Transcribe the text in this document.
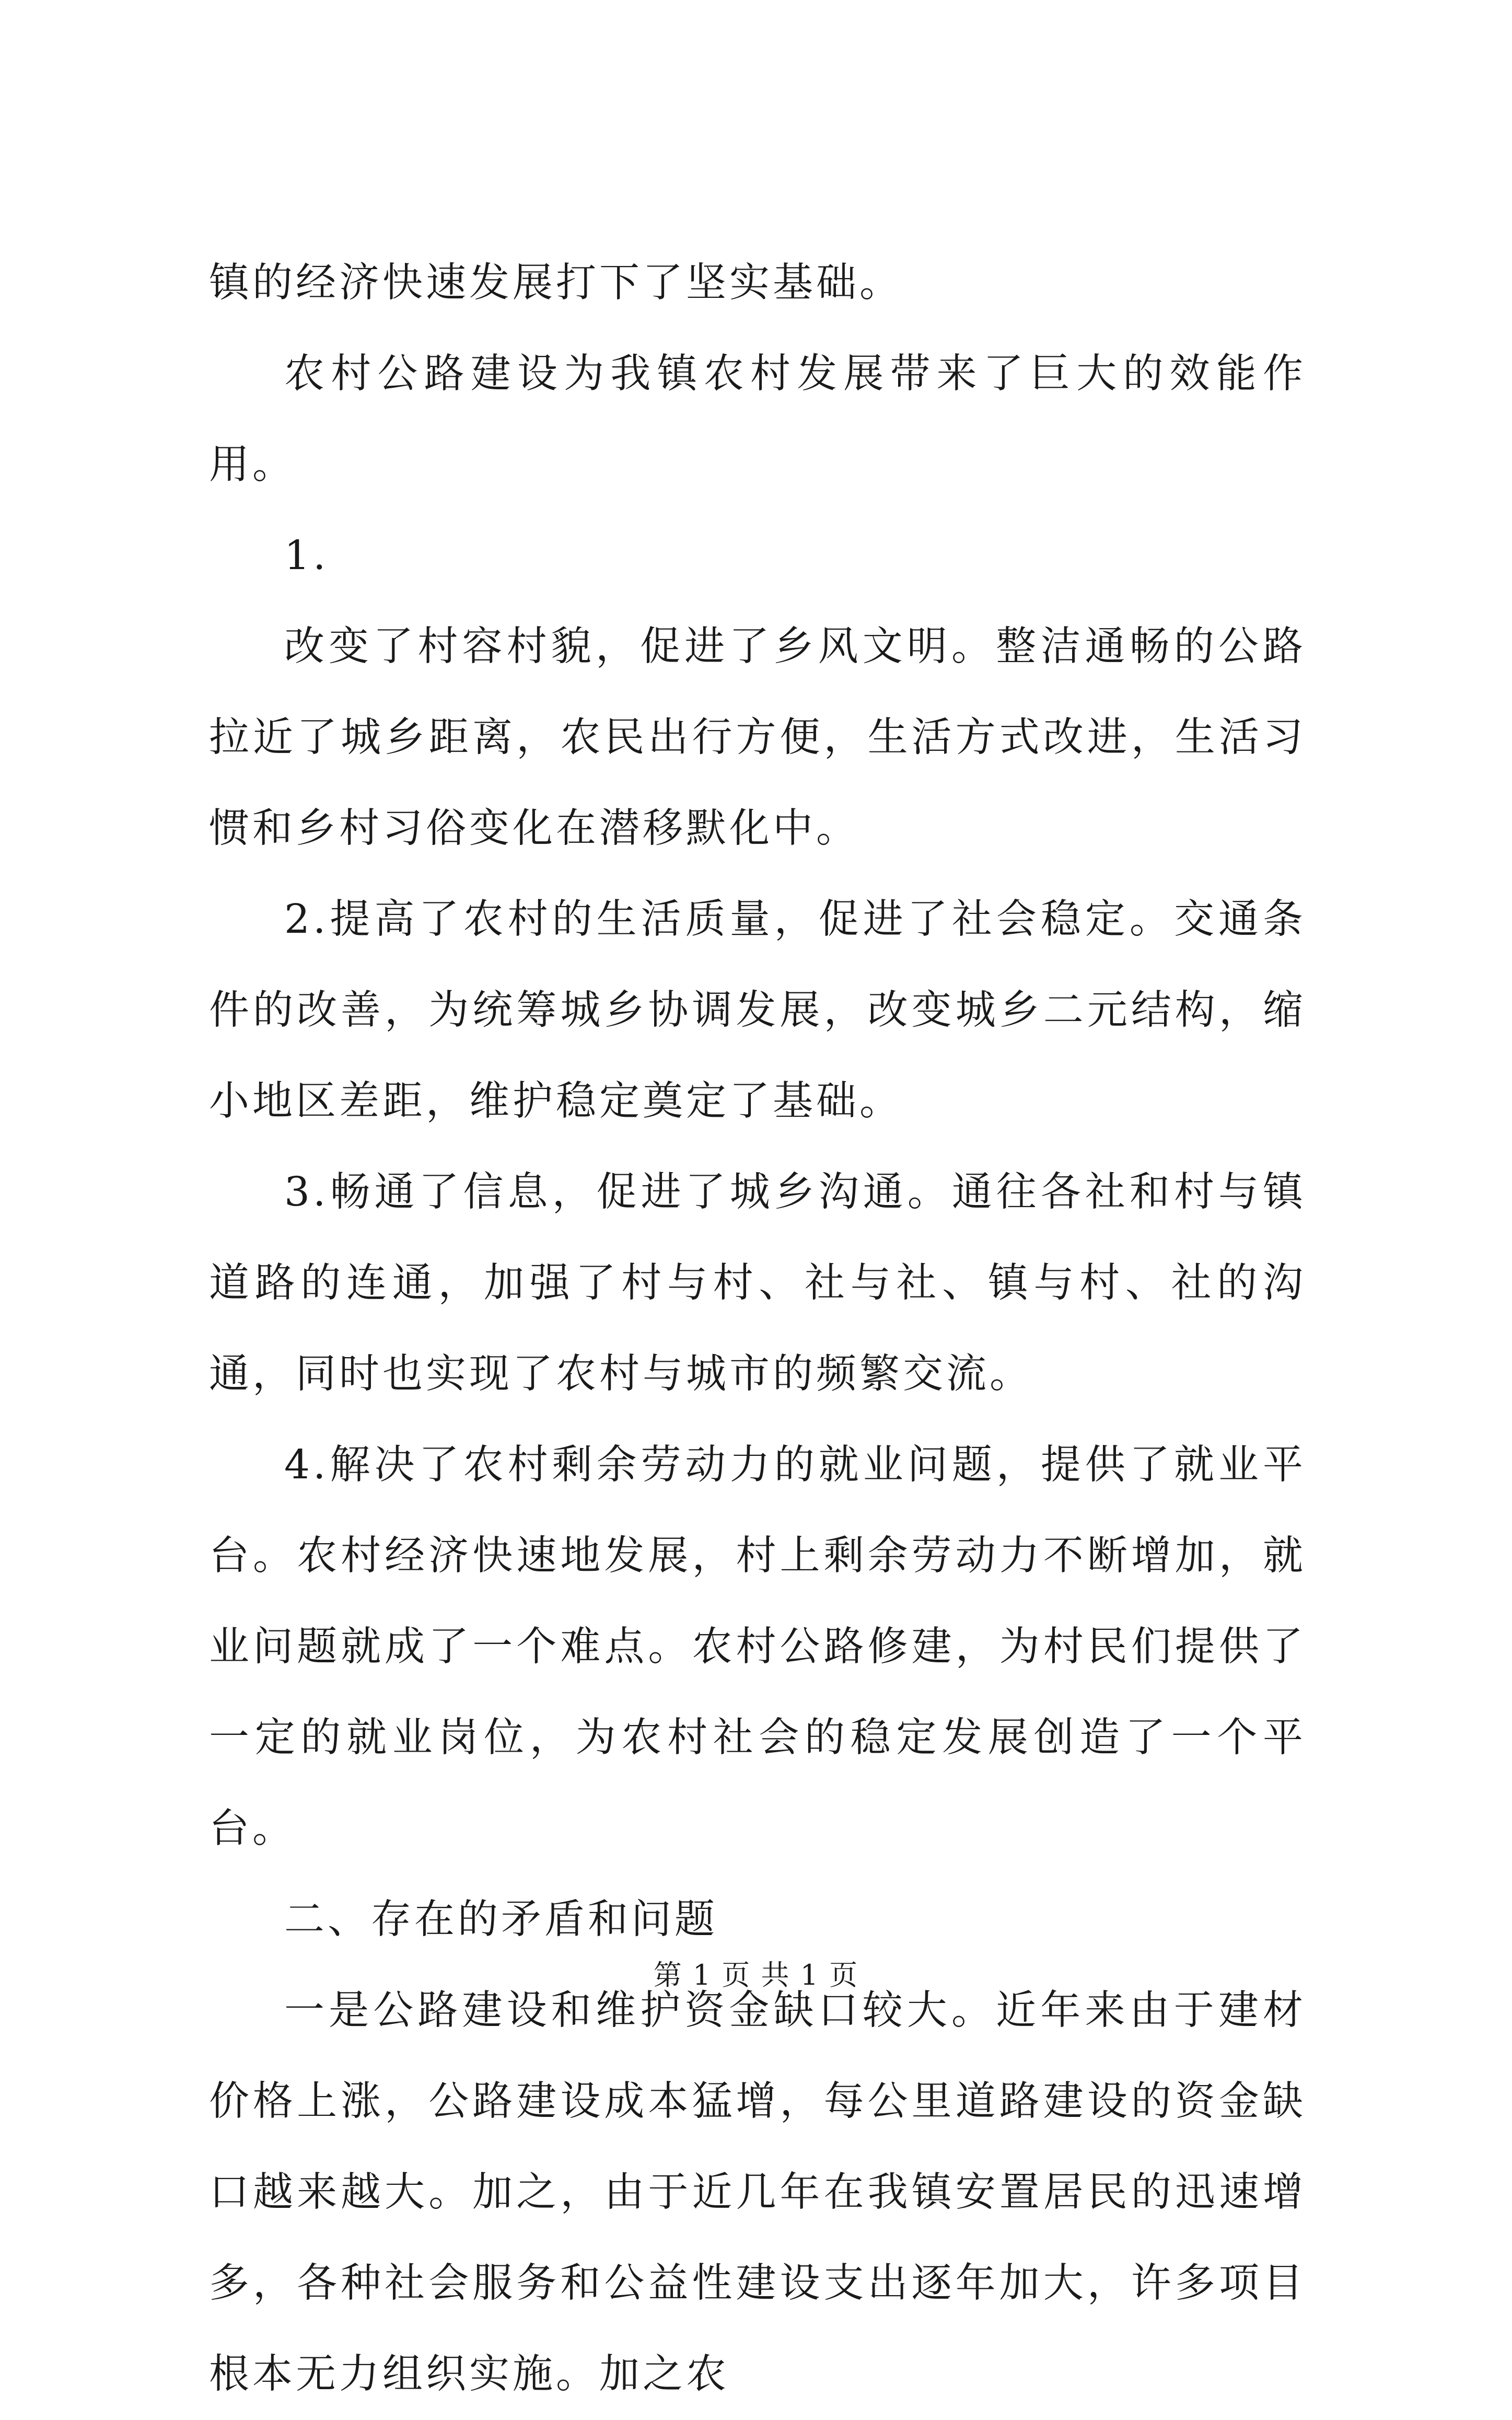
镇的经济快速发展打下了坚实基础。

农村公路建设为我镇农村发展带来了巨大的效能作用。

1.

改变了村容村貌，促进了乡风文明。整洁通畅的公路拉近了城乡距离，农民出行方便，生活方式改进，生活习惯和乡村习俗变化在潜移默化中。

2.提高了农村的生活质量，促进了社会稳定。交通条件的改善，为统筹城乡协调发展，改变城乡二元结构，缩小地区差距，维护稳定奠定了基础。

3.畅通了信息，促进了城乡沟通。通往各社和村与镇道路的连通，加强了村与村、社与社、镇与村、社的沟通，同时也实现了农村与城市的频繁交流。

4.解决了农村剩余劳动力的就业问题，提供了就业平台。农村经济快速地发展，村上剩余劳动力不断增加，就业问题就成了一个难点。农村公路修建，为村民们提供了一定的就业岗位，为农村社会的稳定发展创造了一个平台。

二、存在的矛盾和问题

一是公路建设和维护资金缺口较大。近年来由于建材价格上涨，公路建设成本猛增，每公里道路建设的资金缺口越来越大。加之，由于近几年在我镇安置居民的迅速增多，各种社会服务和公益性建设支出逐年加大，许多项目根本无力组织实施。加之农

第 1 页 共 1 页
